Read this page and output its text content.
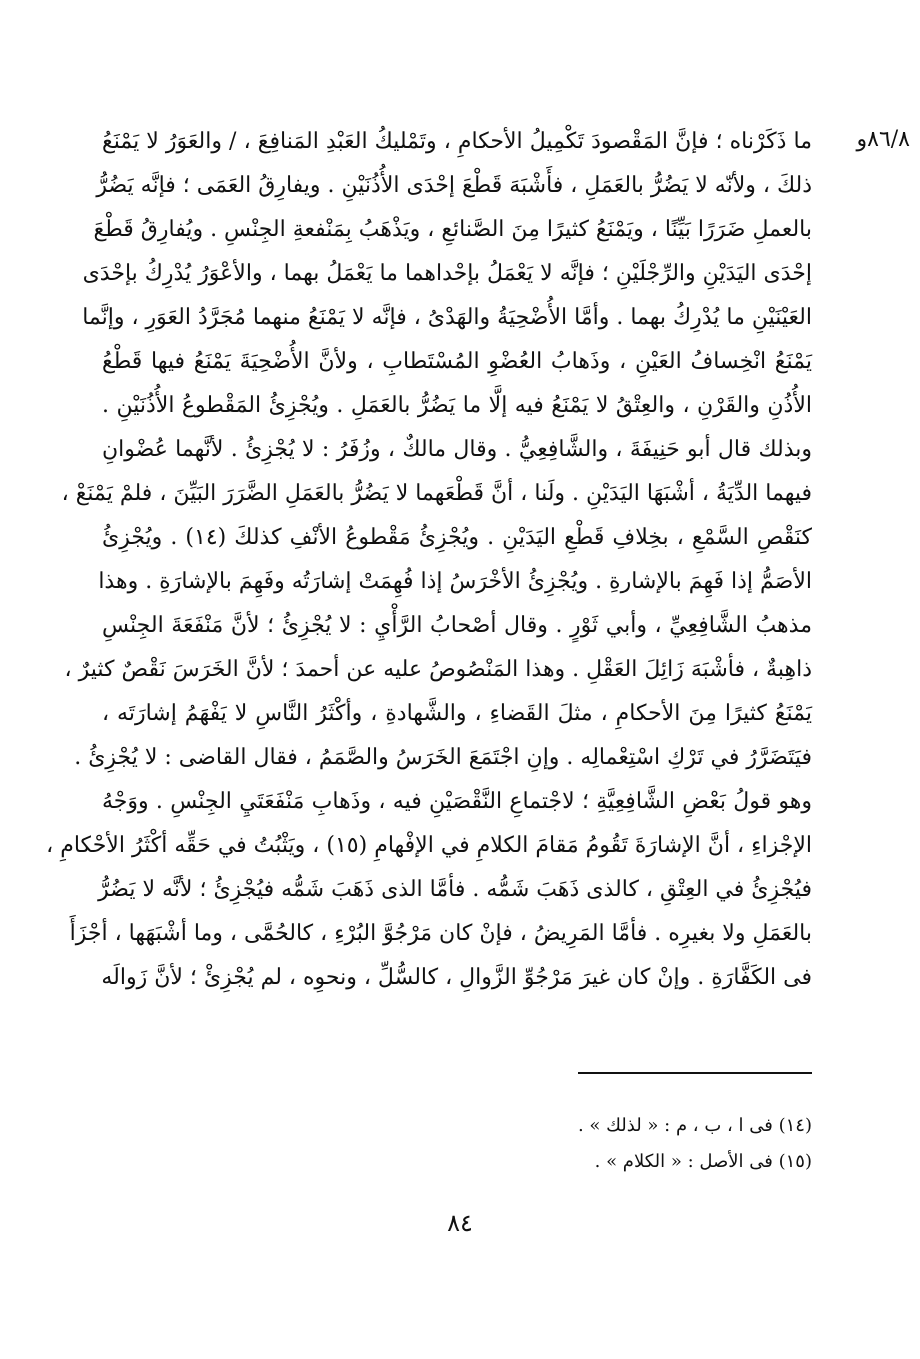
٨٦/٨و
ما ذَكَرْناه ؛ فإنَّ المَقْصودَ تَكْمِيلُ الأحكامِ ، وتَمْليكُ العَبْدِ المَنافِعَ ، / والعَوَرُ لا يَمْنَعُ
ذلكَ ، ولأنّه لا يَضُرُّ بالعَمَلِ ، فأَشْبَهَ قَطْعَ إحْدَى الأُذُنَيْنِ . ويفارِقُ العَمَى ؛ فإنَّه يَضُرُّ
بالعملِ ضَرَرًا بَيِّنًا ، ويَمْنَعُ كثيرًا مِنَ الصَّنائعِ ، ويَذْهَبُ بِمَنْفعةِ الجِنْسِ . ويُفارِقُ قَطْعَ
إحْدَى اليَدَيْنِ والرِّجْلَيْنِ ؛ فإنَّه لا يَعْمَلُ بإحْداهما ما يَعْمَلُ بهما ، والأعْوَرُ يُدْرِكُ بإحْدَى
العَيْنَيْنِ ما يُدْرِكُ بهما . وأمَّا الأُضْحِيَةُ والهَدْىُ ، فإنَّه لا يَمْنَعُ منهما مُجَرَّدُ العَوَرِ ، وإنَّما
يَمْنَعُ انْخِسافُ العَيْنِ ، وذَهابُ العُضْوِ المُسْتَطابِ ، ولأنَّ الأُضْحِيَةَ يَمْنَعُ فيها قَطْعُ
الأُذُنِ والقَرْنِ ، والعِتْقُ لا يَمْنَعُ فيه إلَّا ما يَضُرُّ بالعَمَلِ . ويُجْزِئُ المَقْطوعُ الأُذُنَيْنِ .
وبذلك قال أبو حَنِيفَةَ ، والشَّافِعِيُّ . وقال مالكٌ ، وزُفَرُ : لا يُجْزِئُ . لأنَّهما عُضْوانِ
فيهما الدِّيَةُ ، أشْبَهَا اليَدَيْنِ . ولَنا ، أنَّ قَطْعَهما لا يَضُرُّ بالعَمَلِ الضَّرَرَ البَيِّنَ ، فلمْ يَمْنَعْ ،
كنَقْصِ السَّمْعِ ، بخِلافِ قَطْعِ اليَدَيْنِ . ويُجْزِئُ مَقْطوعُ الأنْفِ كذلكَ (١٤) . ويُجْزِئُ
الأصَمُّ إذا فَهِمَ بالإشارةِ . ويُجْزِئُ الأخْرَسُ إذا فُهِمَتْ إشارَتُه وفَهِمَ بالإشارَةِ . وهذا
مذهبُ الشَّافِعِيِّ ، وأبي ثَوْرٍ . وقال أصْحابُ الرَّأْيِ : لا يُجْزِئُ ؛ لأنَّ مَنْفَعَةَ الجِنْسِ
ذاهِبةٌ ، فأشْبَهَ زَائِلَ العَقْلِ . وهذا المَنْصُوصُ عليه عن أحمدَ ؛ لأنَّ الخَرَسَ نَقْصٌ كثيرٌ ،
يَمْنَعُ كثيرًا مِنَ الأحكامِ ، مثلَ القَضاءِ ، والشَّهادةِ ، وأكْثَرُ النَّاسِ لا يَفْهَمُ إشارَتَه ،
فيَتَضَرَّرُ في تَرْكِ اسْتِعْمالِه . وإنِ اجْتَمَعَ الخَرَسُ والصَّمَمُ ، فقال القاضى : لا يُجْزِئُ .
وهو قولُ بَعْضِ الشَّافِعِيَّةِ ؛ لاجْتماعِ النَّقْصَيْنِ فيه ، وذَهابِ مَنْفَعَتَيِ الجِنْسِ . ووَجْهُ
الإجْزاءِ ، أنَّ الإشارَةَ تَقُومُ مَقامَ الكلامِ في الإفْهامِ (١٥) ، ويَثْبُتُ في حَقِّه أكْثَرُ الأحْكامِ ،
فيُجْزِئُ في العِتْقِ ، كالذى ذَهَبَ شَمُّه . فأمَّا الذى ذَهَبَ شَمُّه فيُجْزِئُ ؛ لأنَّه لا يَضُرُّ
بالعَمَلِ ولا بغيرِه . فأمَّا المَرِيضُ ، فإنْ كان مَرْجُوَّ البُرْءِ ، كالحُمَّى ، وما أشْبَهَها ، أجْزَأَ
فى الكَفَّارَةِ . وإنْ كان غيرَ مَرْجُوِّ الزَّوالِ ، كالسُّلِّ ، ونحوِه ، لم يُجْزِئْ ؛ لأنَّ زَوالَه
(١٤) فى ا ، ب ، م : « لذلك » .
(١٥) فى الأصل : « الكلام » .
٨٤
